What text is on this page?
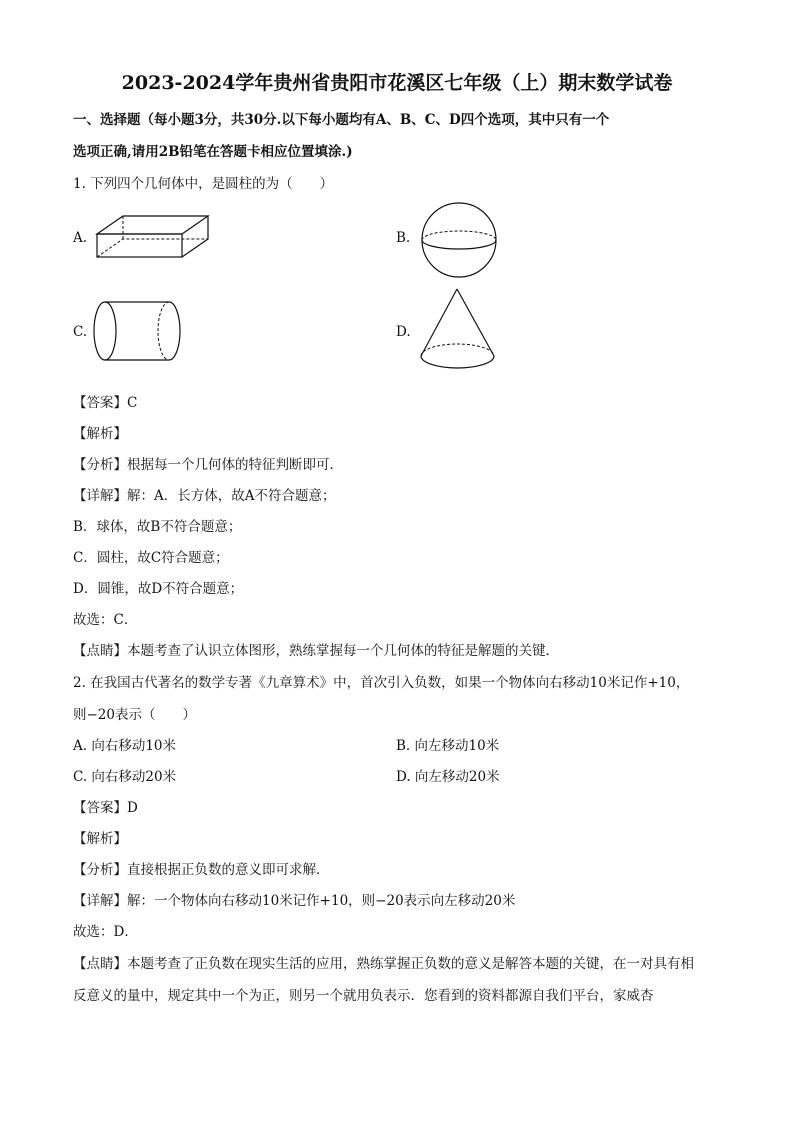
2023-2024学年贵州省贵阳市花溪区七年级（上）期末数学试卷
一、选择题（每小题3分，共30分.以下每小题均有A、B、C、D四个选项，其中只有一个
选项正确,请用2B铅笔在答题卡相应位置填涂.)
1. 下列四个几何体中，是圆柱的为（　　）
A.	B.
C.	D.
【答案】C
【解析】
【分析】根据每一个几何体的特征判断即可．
【详解】解：A．长方体，故A不符合题意；
B．球体，故B不符合题意；
C．圆柱，故C符合题意；
D．圆锥，故D不符合题意；
故选：C．
【点睛】本题考查了认识立体图形，熟练掌握每一个几何体的特征是解题的关键．
2. 在我国古代著名的数学专著《九章算术》中，首次引入负数，如果一个物体向右移动10米记作+10，
则−20表示（　　）
A. 向右移动10米	B. 向左移动10米
C. 向右移动20米	D. 向左移动20米
【答案】D
【解析】
【分析】直接根据正负数的意义即可求解．
【详解】解：一个物体向右移动10米记作+10，则−20表示向左移动20米
故选：D．
【点睛】本题考查了正负数在现实生活的应用，熟练掌握正负数的意义是解答本题的关键，在一对具有相
反意义的量中，规定其中一个为正，则另一个就用负表示．您看到的资料都源自我们平台，家威杏
